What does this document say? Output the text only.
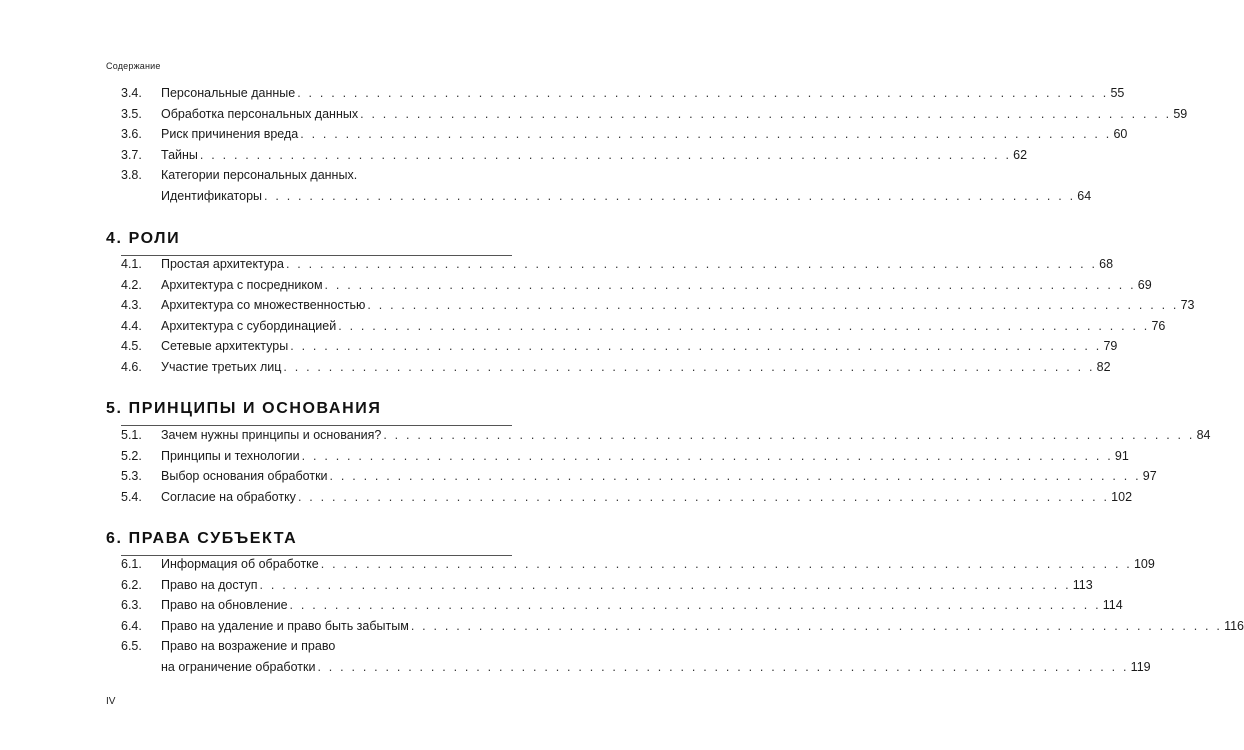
Содержание
3.4.	Персональные данные . . . . . . . . . . . . . . . . . . . . . . . . . . . . . . . . . . . . . . . . . . . . . . . . . . . . . . . . . . . . . . . . . . . . . . . . 55
3.5.	Обработка персональных данных . . . . . . . . . . . . . . . . . . . . . . . . . . . . . . . . . . . . . . . . . . . . . . . . . . . . . . . . . . . . . . . . . . . . . . . . 59
3.6.	Риск причинения вреда . . . . . . . . . . . . . . . . . . . . . . . . . . . . . . . . . . . . . . . . . . . . . . . . . . . . . . . . . . . . . . . . . . . . . . . . 60
3.7.	Тайны . . . . . . . . . . . . . . . . . . . . . . . . . . . . . . . . . . . . . . . . . . . . . . . . . . . . . . . . . . . . . . . . . . . . . . . . 62
3.8.	Категории персональных данных.
Идентификаторы . . . . . . . . . . . . . . . . . . . . . . . . . . . . . . . . . . . . . . . . . . . . . . . . . . . . . . . . . . . . . . . . . . . . . . . . 64
4. РОЛИ
4.1.	Простая архитектура . . . . . . . . . . . . . . . . . . . . . . . . . . . . . . . . . . . . . . . . . . . . . . . . . . . . . . . . . . . . . . . . . . . . . . . . 68
4.2.	Архитектура с посредником . . . . . . . . . . . . . . . . . . . . . . . . . . . . . . . . . . . . . . . . . . . . . . . . . . . . . . . . . . . . . . . . . . . . . . . . 69
4.3.	Архитектура со множественностью . . . . . . . . . . . . . . . . . . . . . . . . . . . . . . . . . . . . . . . . . . . . . . . . . . . . . . . . . . . . . . . . . . . . . . . . 73
4.4.	Архитектура с субординацией . . . . . . . . . . . . . . . . . . . . . . . . . . . . . . . . . . . . . . . . . . . . . . . . . . . . . . . . . . . . . . . . . . . . . . . . 76
4.5.	Сетевые архитектуры . . . . . . . . . . . . . . . . . . . . . . . . . . . . . . . . . . . . . . . . . . . . . . . . . . . . . . . . . . . . . . . . . . . . . . . . 79
4.6.	Участие третьих лиц . . . . . . . . . . . . . . . . . . . . . . . . . . . . . . . . . . . . . . . . . . . . . . . . . . . . . . . . . . . . . . . . . . . . . . . . 82
5. ПРИНЦИПЫ И ОСНОВАНИЯ
5.1.	Зачем нужны принципы и основания? . . . . . . . . . . . . . . . . . . . . . . . . . . . . . . . . . . . . . . . . . . . . . . . . . . . . . . . . . . . . . . . . . . . . . . . . 84
5.2.	Принципы и технологии . . . . . . . . . . . . . . . . . . . . . . . . . . . . . . . . . . . . . . . . . . . . . . . . . . . . . . . . . . . . . . . . . . . . . . . . 91
5.3.	Выбор основания обработки . . . . . . . . . . . . . . . . . . . . . . . . . . . . . . . . . . . . . . . . . . . . . . . . . . . . . . . . . . . . . . . . . . . . . . . . 97
5.4.	Согласие на обработку . . . . . . . . . . . . . . . . . . . . . . . . . . . . . . . . . . . . . . . . . . . . . . . . . . . . . . . . . . . . . . . . . . . . . . . . 102
6. ПРАВА СУБЪЕКТА
6.1.	Информация об обработке . . . . . . . . . . . . . . . . . . . . . . . . . . . . . . . . . . . . . . . . . . . . . . . . . . . . . . . . . . . . . . . . . . . . . . . . 109
6.2.	Право на доступ . . . . . . . . . . . . . . . . . . . . . . . . . . . . . . . . . . . . . . . . . . . . . . . . . . . . . . . . . . . . . . . . . . . . . . . . 113
6.3.	Право на обновление . . . . . . . . . . . . . . . . . . . . . . . . . . . . . . . . . . . . . . . . . . . . . . . . . . . . . . . . . . . . . . . . . . . . . . . . 114
6.4.	Право на удаление и право быть забытым . . . . . . . . . . . . . . . . . . . . . . . . . . . . . . . . . . . . . . . . . . . . . . . . . . . . . . . . . . . . . . . . . . . . . . . . 116
6.5.	Право на возражение и право
на ограничение обработки . . . . . . . . . . . . . . . . . . . . . . . . . . . . . . . . . . . . . . . . . . . . . . . . . . . . . . . . . . . . . . . . . . . . . . . . 119
IV
